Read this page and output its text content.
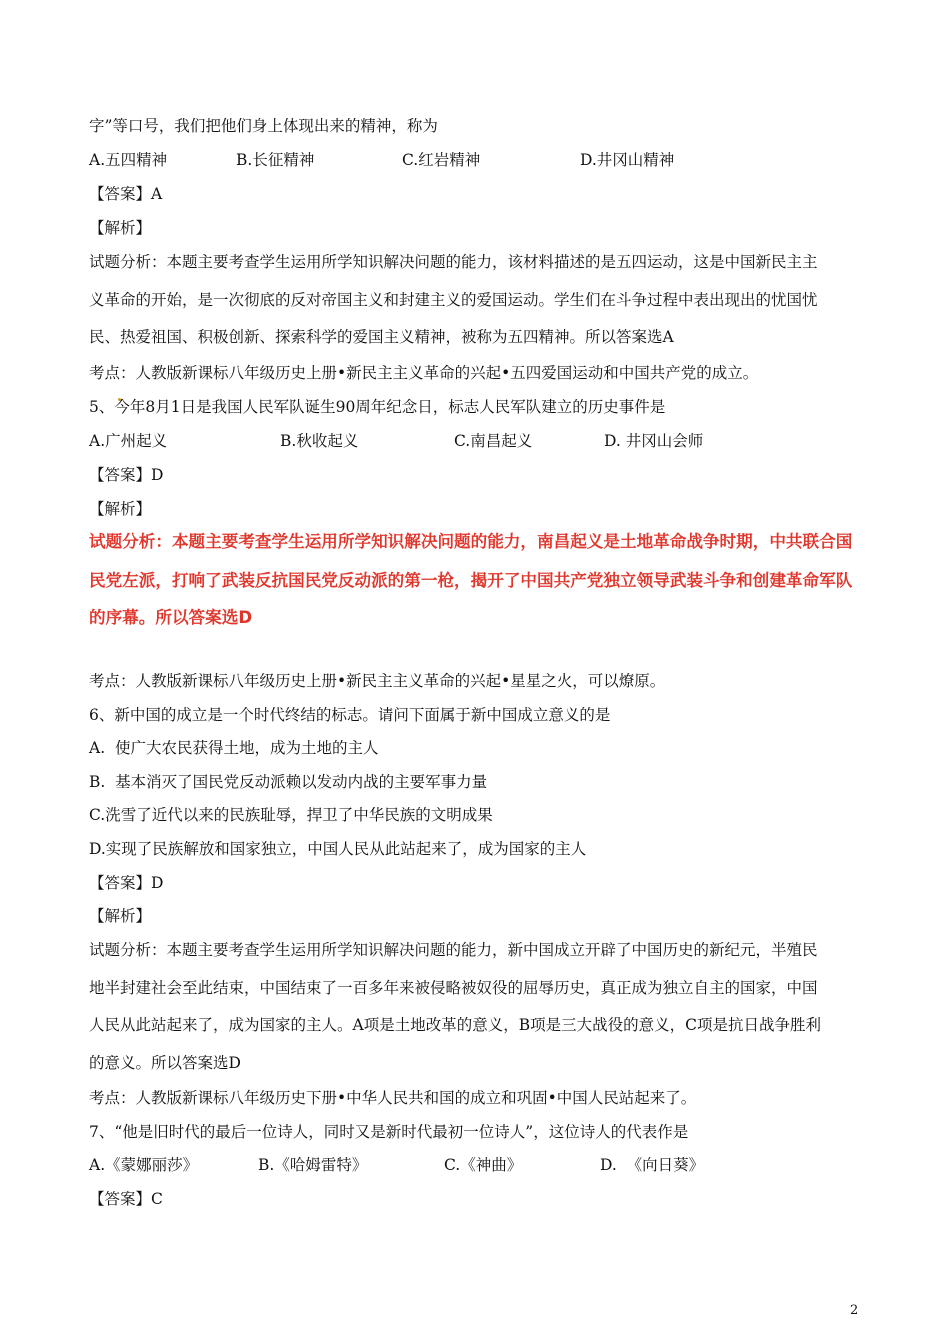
字”等口号，我们把他们身上体现出来的精神，称为
A.五四精神	B.长征精神	C.红岩精神	D.井冈山精神
【答案】A
【解析】
试题分析：本题主要考查学生运用所学知识解决问题的能力，该材料描述的是五四运动，这是中国新民主主
义革命的开始，是一次彻底的反对帝国主义和封建主义的爱国运动。学生们在斗争过程中表出现出的忧国忧
民、热爱祖国、积极创新、探索科学的爱国主义精神，被称为五四精神。所以答案选A
考点：人教版新课标八年级历史上册•新民主主义革命的兴起•五四爱国运动和中国共产党的成立。
5、今年8月1日是我国人民军队诞生90周年纪念日，标志人民军队建立的历史事件是
A.广州起义	B.秋收起义	C.南昌起义	D. 井冈山会师
【答案】D
【解析】
试题分析：本题主要考查学生运用所学知识解决问题的能力，南昌起义是土地革命战争时期，中共联合国
民党左派，打响了武装反抗国民党反动派的第一枪，揭开了中国共产党独立领导武装斗争和创建革命军队
的序幕。所以答案选D
考点：人教版新课标八年级历史上册•新民主主义革命的兴起•星星之火，可以燎原。
6、新中国的成立是一个时代终结的标志。请问下面属于新中国成立意义的是
A.  使广大农民获得土地，成为土地的主人
B.  基本消灭了国民党反动派赖以发动内战的主要军事力量
C.洗雪了近代以来的民族耻辱，捍卫了中华民族的文明成果
D.实现了民族解放和国家独立，中国人民从此站起来了，成为国家的主人
【答案】D
【解析】
试题分析：本题主要考查学生运用所学知识解决问题的能力，新中国成立开辟了中国历史的新纪元，半殖民
地半封建社会至此结束，中国结束了一百多年来被侵略被奴役的屈辱历史，真正成为独立自主的国家，中国
人民从此站起来了，成为国家的主人。A项是土地改革的意义，B项是三大战役的意义，C项是抗日战争胜利
的意义。所以答案选D
考点：人教版新课标八年级历史下册•中华人民共和国的成立和巩固•中国人民站起来了。
7、“他是旧时代的最后一位诗人，同时又是新时代最初一位诗人”，这位诗人的代表作是
A.《蒙娜丽莎》	B.《哈姆雷特》	C.《神曲》	D.  《向日葵》
【答案】C
2
